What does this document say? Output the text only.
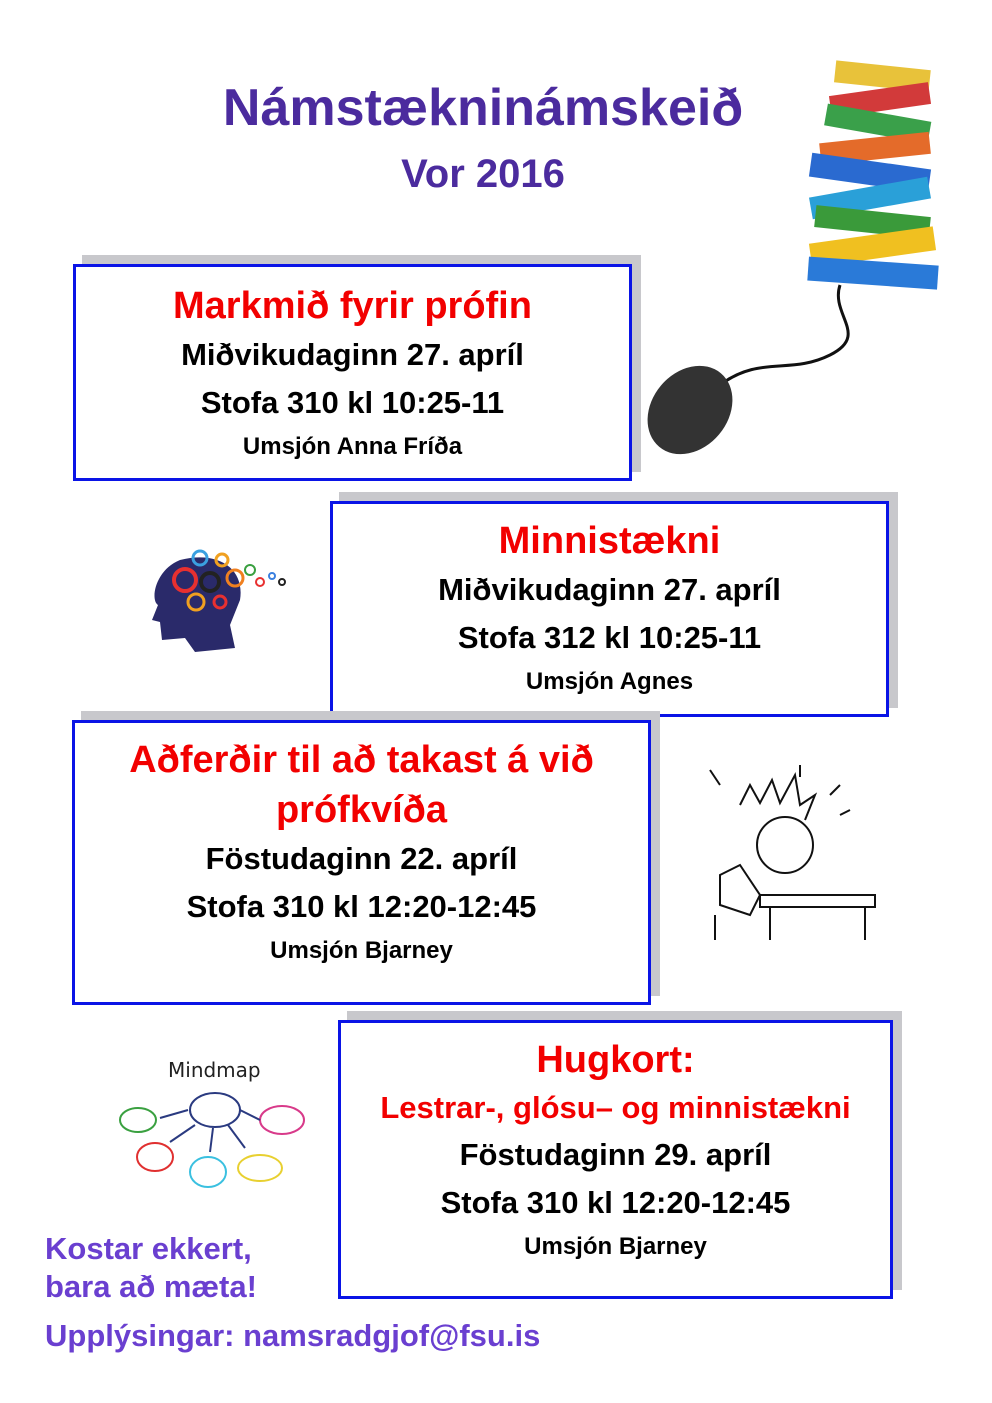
Námstækninámskeið
Vor 2016
Markmið fyrir prófin
Miðvikudaginn 27. apríl
Stofa 310 kl 10:25-11
Umsjón Anna Fríða
Minnistækni
Miðvikudaginn 27. apríl
Stofa 312 kl 10:25-11
Umsjón Agnes
Aðferðir til að takast á við prófkvíða
Föstudaginn 22. apríl
Stofa 310 kl 12:20-12:45
Umsjón Bjarney
Mindmap	Hugkort:
Lestrar-, glósu– og minnistækni
Föstudaginn 29. apríl
Stofa 310 kl 12:20-12:45
Umsjón Bjarney
Kostar ekkert,
bara að mæta!
Upplýsingar: namsradgjof@fsu.is
